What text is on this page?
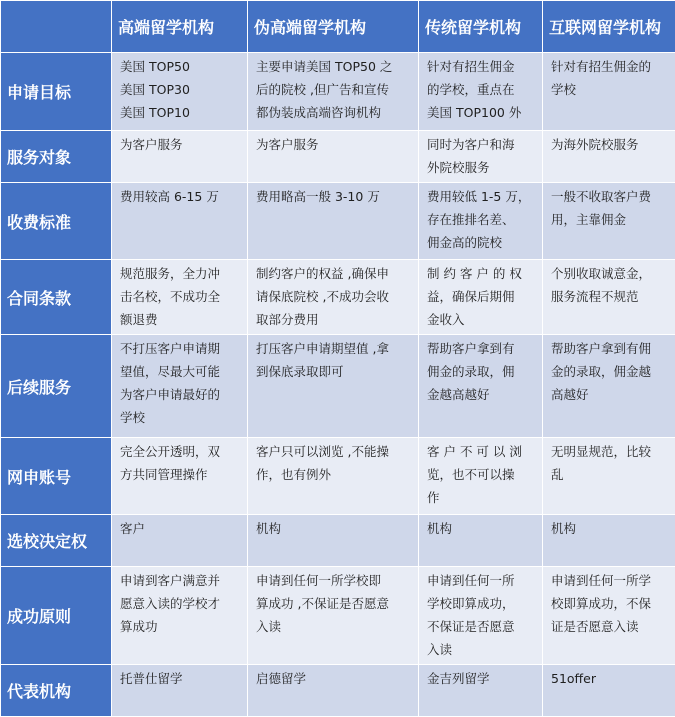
	高端留学机构	伪高端留学机构	传统留学机构	互联网留学机构
申请目标	美国 TOP50
美国 TOP30
美国 TOP10	主要申请美国 TOP50 之
后的院校 ,但广告和宣传
都伪装成高端咨询机构	针对有招生佣金
的学校，重点在
美国 TOP100 外	针对有招生佣金的
学校

服务对象	为客户服务	为客户服务	同时为客户和海
外院校服务	为海外院校服务

收费标准	费用较高 6-15 万	费用略高一般 3-10 万	费用较低 1-5 万，
存在推排名差、
佣金高的院校	一般不收取客户费
用，主靠佣金

合同条款	规范服务，全力冲
击名校，不成功全
额退费	制约客户的权益 ,确保申
请保底院校 ,不成功会收
取部分费用	制 约 客 户 的 权
益，确保后期佣
金收入	个别收取诚意金，
服务流程不规范

后续服务	不打压客户申请期
望值，尽最大可能
为客户申请最好的
学校	打压客户申请期望值 ,拿
到保底录取即可	帮助客户拿到有
佣金的录取，佣
金越高越好	帮助客户拿到有佣
金的录取，佣金越
高越好

网申账号	完全公开透明，双
方共同管理操作	客户只可以浏览 ,不能操
作，也有例外	客 户 不 可 以 浏
览，也不可以操
作	无明显规范，比较
乱

选校决定权	客户	机构	机构	机构

成功原则	申请到客户满意并
愿意入读的学校才
算成功	申请到任何一所学校即
算成功 ,不保证是否愿意
入读	申请到任何一所
学校即算成功，
不保证是否愿意
入读	申请到任何一所学
校即算成功，不保
证是否愿意入读

代表机构	托普仕留学	启德留学	金吉列留学	51offer
